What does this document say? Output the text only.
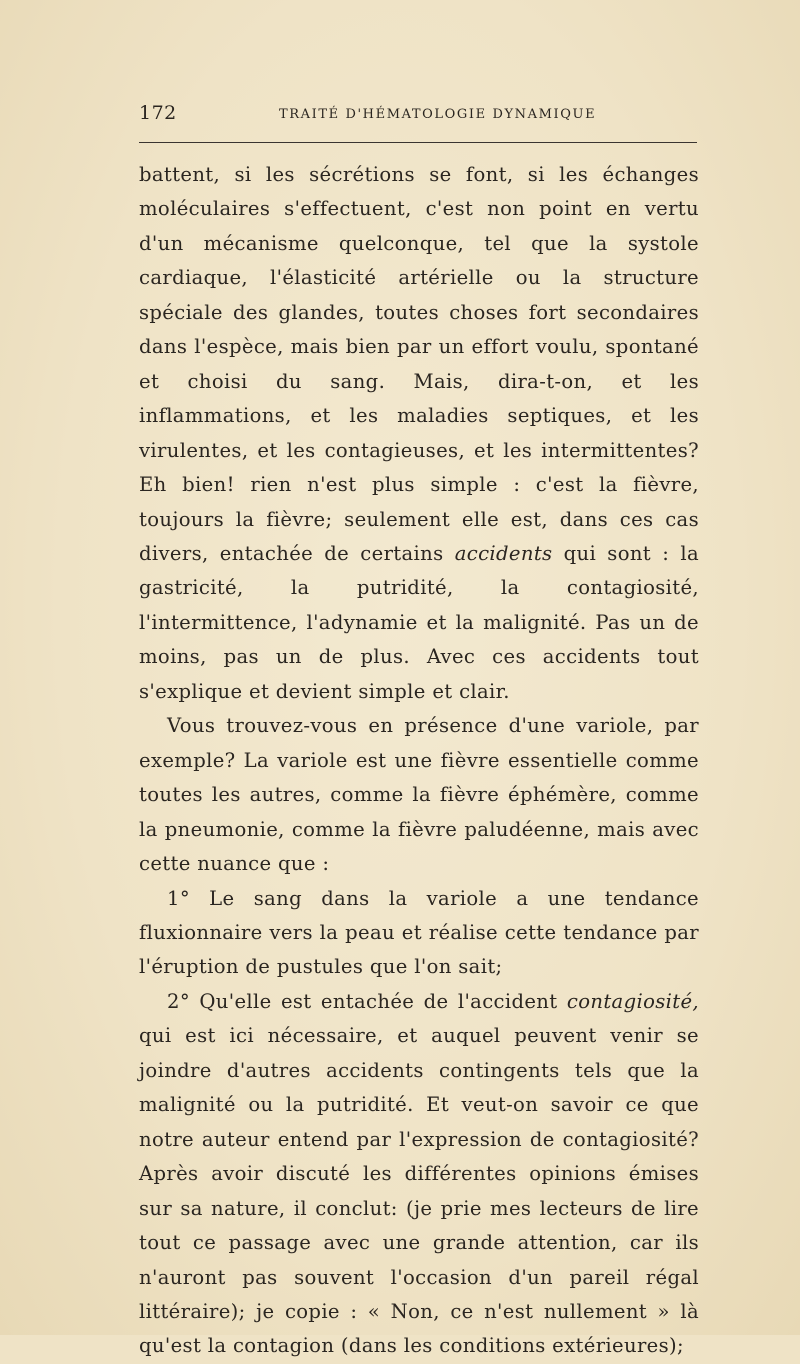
172	TRAITÉ D'HÉMATOLOGIE DYNAMIQUE

battent, si les sécrétions se font, si les échanges moléculaires s'effectuent, c'est non point en vertu d'un mécanisme quelconque, tel que la systole cardiaque, l'élasticité artérielle ou la structure spéciale des glandes, toutes choses fort secondaires dans l'espèce, mais bien par un effort voulu, spontané et choisi du sang. Mais, dira-t-on, et les inflammations, et les maladies septiques, et les virulentes, et les contagieuses, et les intermittentes? Eh bien! rien n'est plus simple : c'est la fièvre, toujours la fièvre; seulement elle est, dans ces cas divers, entachée de certains accidents qui sont : la gastricité, la putridité, la contagiosité, l'intermittence, l'adynamie et la malignité. Pas un de moins, pas un de plus. Avec ces accidents tout s'explique et devient simple et clair.

Vous trouvez-vous en présence d'une variole, par exemple? La variole est une fièvre essentielle comme toutes les autres, comme la fièvre éphémère, comme la pneumonie, comme la fièvre paludéenne, mais avec cette nuance que :

1° Le sang dans la variole a une tendance fluxionnaire vers la peau et réalise cette tendance par l'éruption de pustules que l'on sait;

2° Qu'elle est entachée de l'accident contagiosité, qui est ici nécessaire, et auquel peuvent venir se joindre d'autres accidents contingents tels que la malignité ou la putridité. Et veut-on savoir ce que notre auteur entend par l'expression de contagiosité? Après avoir discuté les différentes opinions émises sur sa nature, il conclut: (je prie mes lecteurs de lire tout ce passage avec une grande attention, car ils n'auront pas souvent l'occasion d'un pareil régal littéraire); je copie : « Non, ce n'est nullement » là qu'est la contagion (dans les conditions extérieures);
